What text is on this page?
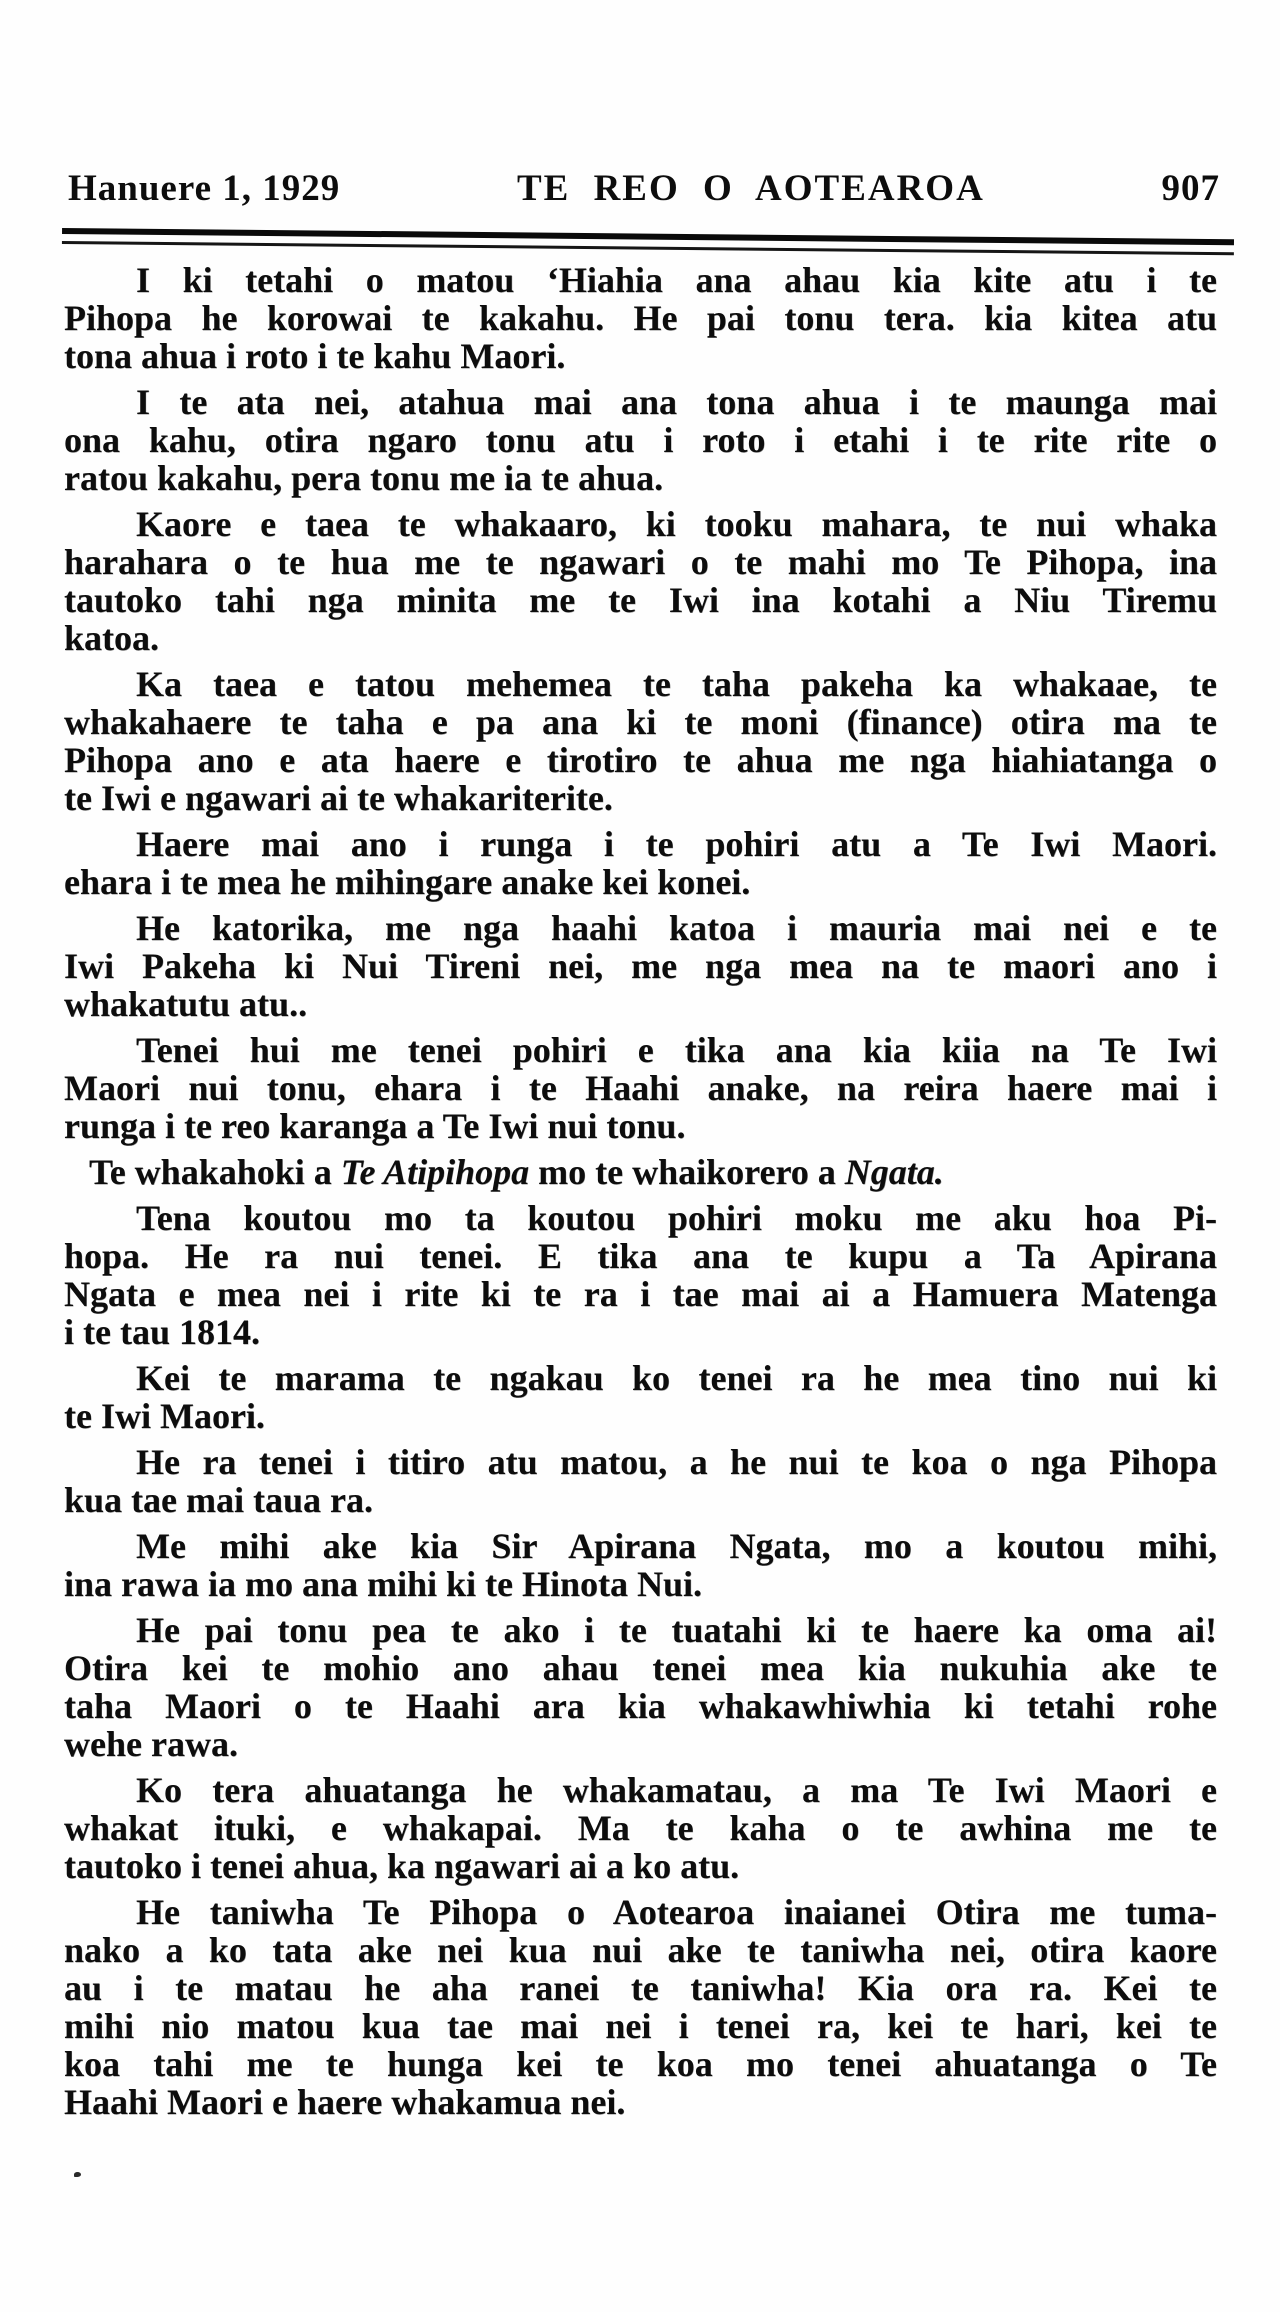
Hanuere 1, 1929	TE REO O AOTEAROA	907
I ki tetahi o matou ‘Hiahia ana ahau kia kite atu i te
Pihopa he korowai te kakahu. He pai tonu tera. kia kitea atu
tona ahua i roto i te kahu Maori.
I te ata nei, atahua mai ana tona ahua i te maunga mai
ona kahu, otira ngaro tonu atu i roto i etahi i te rite rite o
ratou kakahu, pera tonu me ia te ahua.
Kaore e taea te whakaaro, ki tooku mahara, te nui whaka
harahara o te hua me te ngawari o te mahi mo Te Pihopa, ina
tautoko tahi nga minita me te Iwi ina kotahi a Niu Tiremu
katoa.
Ka taea e tatou mehemea te taha pakeha ka whakaae, te
whakahaere te taha e pa ana ki te moni (finance) otira ma te
Pihopa ano e ata haere e tirotiro te ahua me nga hiahiatanga o
te Iwi e ngawari ai te whakariterite.
Haere mai ano i runga i te pohiri atu a Te Iwi Maori.
ehara i te mea he mihingare anake kei konei.
He katorika, me nga haahi katoa i mauria mai nei e te
Iwi Pakeha ki Nui Tireni nei, me nga mea na te maori ano i
whakatutu atu..
Tenei hui me tenei pohiri e tika ana kia kiia na Te Iwi
Maori nui tonu, ehara i te Haahi anake, na reira haere mai i
runga i te reo karanga a Te Iwi nui tonu.
Te whakahoki a Te Atipihopa mo te whaikorero a Ngata.
Tena koutou mo ta koutou pohiri moku me aku hoa Pi-
hopa. He ra nui tenei. E tika ana te kupu a Ta Apirana
Ngata e mea nei i rite ki te ra i tae mai ai a Hamuera Matenga
i te tau 1814.
Kei te marama te ngakau ko tenei ra he mea tino nui ki
te Iwi Maori.
He ra tenei i titiro atu matou, a he nui te koa o nga Pihopa
kua tae mai taua ra.
Me mihi ake kia Sir Apirana Ngata, mo a koutou mihi,
ina rawa ia mo ana mihi ki te Hinota Nui.
He pai tonu pea te ako i te tuatahi ki te haere ka oma ai!
Otira kei te mohio ano ahau tenei mea kia nukuhia ake te
taha Maori o te Haahi ara kia whakawhiwhia ki tetahi rohe
wehe rawa.
Ko tera ahuatanga he whakamatau, a ma Te Iwi Maori e
whakat ituki, e whakapai. Ma te kaha o te awhina me te
tautoko i tenei ahua, ka ngawari ai a ko atu.
He taniwha Te Pihopa o Aotearoa inaianei Otira me tuma-
nako a ko tata ake nei kua nui ake te taniwha nei, otira kaore
au i te matau he aha ranei te taniwha! Kia ora ra. Kei te
mihi nio matou kua tae mai nei i tenei ra, kei te hari, kei te
koa tahi me te hunga kei te koa mo tenei ahuatanga o Te
Haahi Maori e haere whakamua nei.
